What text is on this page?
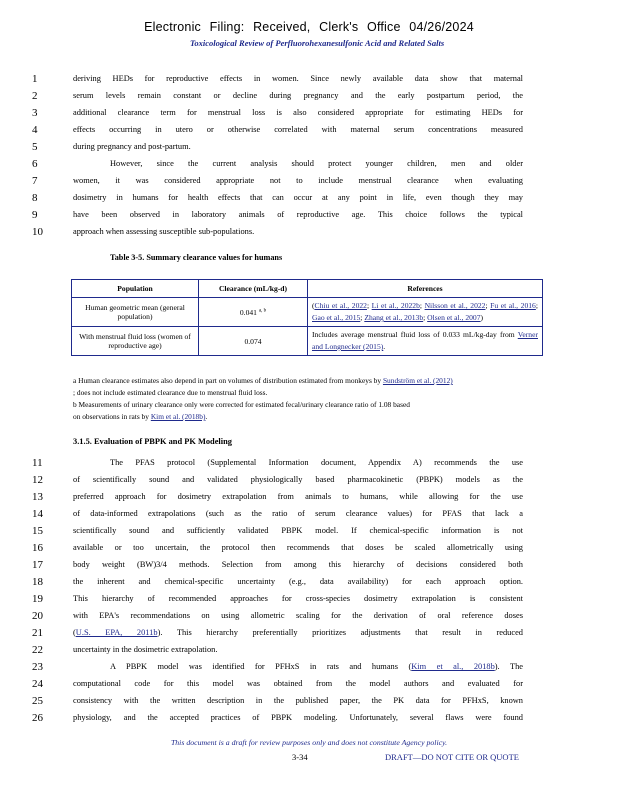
Electronic Filing: Received, Clerk's Office 04/26/2024
Toxicological Review of Perfluorohexanesulfonic Acid and Related Salts
1	deriving HEDs for reproductive effects in women. Since newly available data show that maternal
2	serum levels remain constant or decline during pregnancy and the early postpartum period, the
3	additional clearance term for menstrual loss is also considered appropriate for estimating HEDs for
4	effects occurring in utero or otherwise correlated with maternal serum concentrations measured
5	during pregnancy and post-partum.
6	However, since the current analysis should protect younger children, men and older
7	women, it was considered appropriate not to include menstrual clearance when evaluating
8	dosimetry in humans for health effects that can occur at any point in life, even though they may
9	have been observed in laboratory animals of reproductive age. This choice follows the typical
10	approach when assessing susceptible sub-populations.
Table 3-5. Summary clearance values for humans
Population	Clearance (mL/kg-d)	References
Human geometric mean (general population)	0.041 $^{a, b}$	(Chiu et al., 2022; Li et al., 2022b; Nilsson et al., 2022; Fu et al., 2016; Gao et al., 2015; Zhang et al., 2013b; Olsen et al., 2007)
With menstrual fluid loss (women of reproductive age)	0.074	Includes average menstrual fluid loss of 0.033 mL/kg-day from Verner and Longnecker (2015).
a Human clearance estimates also depend in part on volumes of distribution estimated from monkeys by Sundström et al. (2012)
; does not include estimated clearance due to menstrual fluid loss.
b Measurements of urinary clearance only were corrected for estimated fecal/urinary clearance ratio of 1.08 based
on observations in rats by Kim et al. (2018b).
3.1.5. Evaluation of PBPK and PK Modeling
11	The PFAS protocol (Supplemental Information document, Appendix A) recommends the use
12	of scientifically sound and validated physiologically based pharmacokinetic (PBPK) models as the
13	preferred approach for dosimetry extrapolation from animals to humans, while allowing for the use
14	of data-informed extrapolations (such as the ratio of serum clearance values) for PFAS that lack a
15	scientifically sound and sufficiently validated PBPK model. If chemical-specific information is not
16	available or too uncertain, the protocol then recommends that doses be scaled allometrically using
17	body weight (BW)3/4 methods. Selection from among this hierarchy of decisions considered both
18	the inherent and chemical-specific uncertainty (e.g., data availability) for each approach option.
19	This hierarchy of recommended approaches for cross-species dosimetry extrapolation is consistent
20	with EPA's recommendations on using allometric scaling for the derivation of oral reference doses
21	(U.S. EPA, 2011b). This hierarchy preferentially prioritizes adjustments that result in reduced
22	uncertainty in the dosimetric extrapolation.
23	A PBPK model was identified for PFHxS in rats and humans (Kim et al., 2018b). The
24	computational code for this model was obtained from the model authors and evaluated for
25	consistency with the written description in the published paper, the PK data for PFHxS, known
26	physiology, and the accepted practices of PBPK modeling. Unfortunately, several flaws were found
This document is a draft for review purposes only and does not constitute Agency policy.
3-34	DRAFT—DO NOT CITE OR QUOTE
